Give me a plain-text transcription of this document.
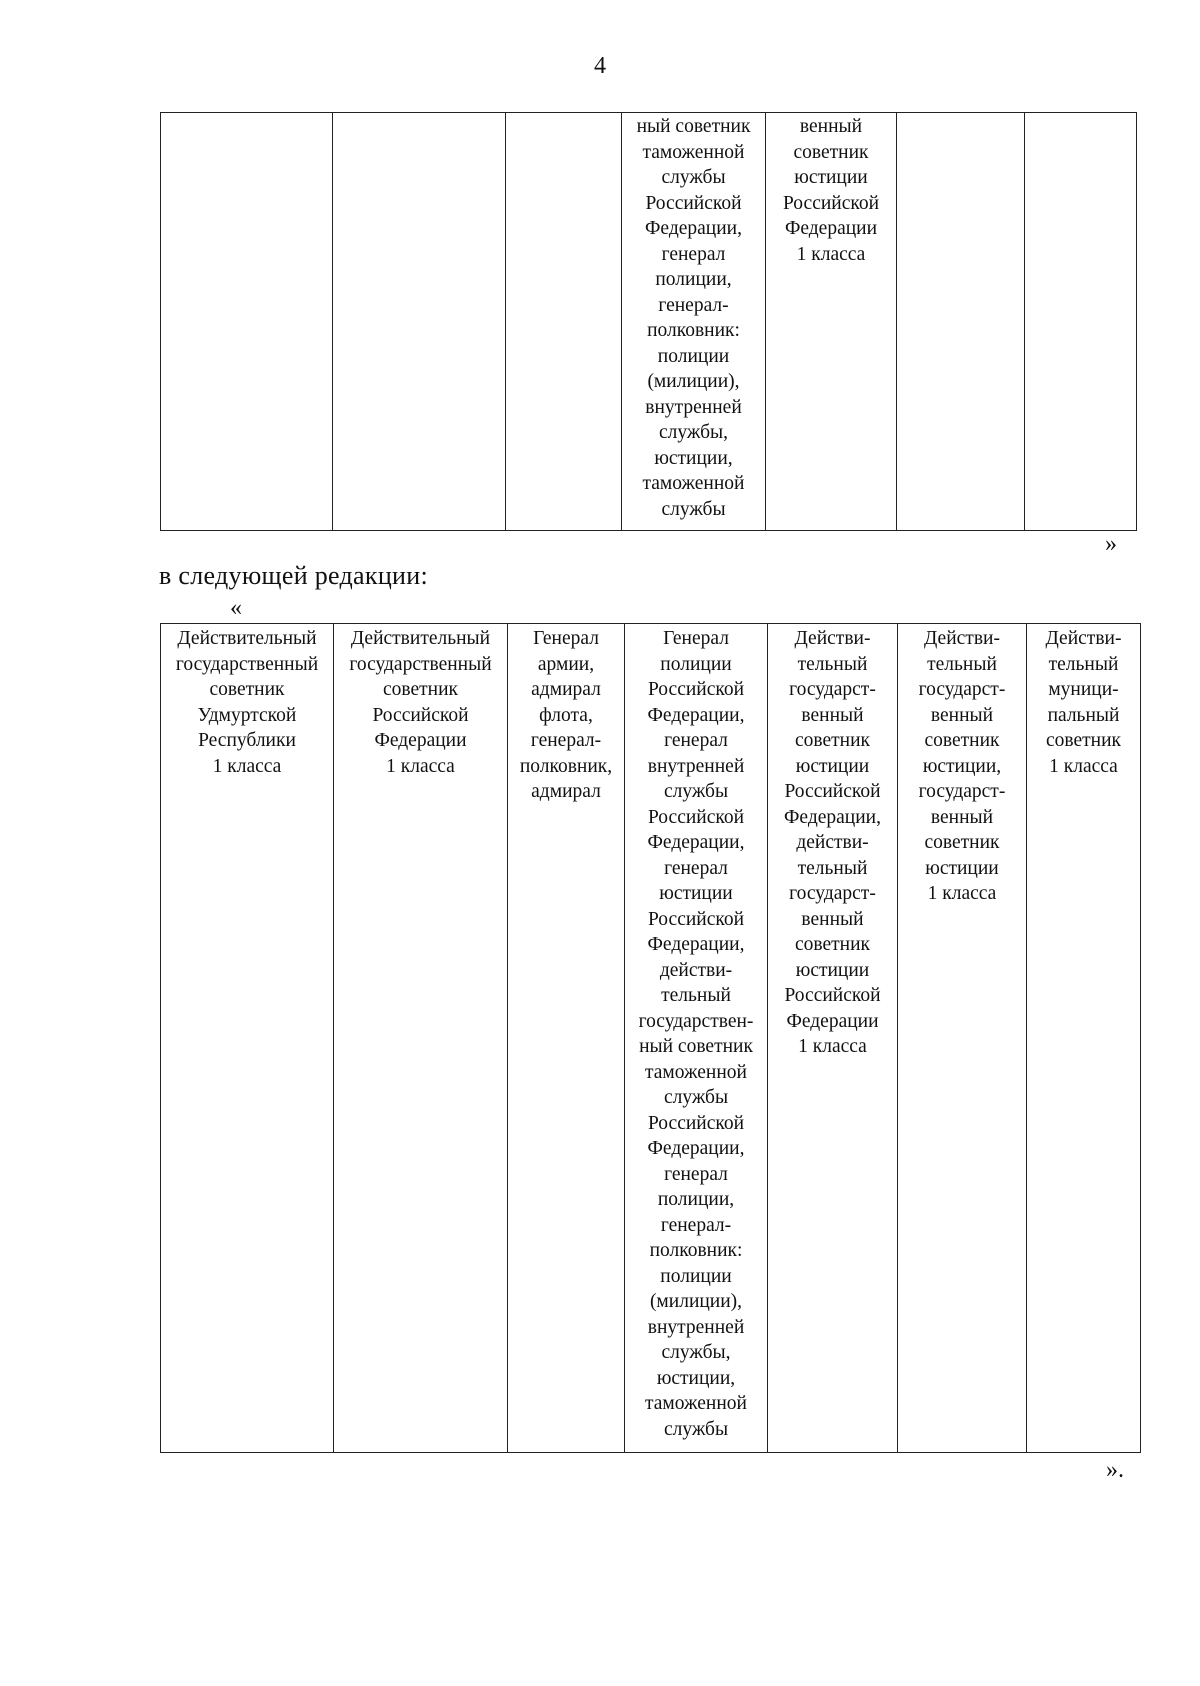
4
			ный советник
таможенной
службы
Российской
Федерации,
генерал
полиции,
генерал-
полковник:
полиции
(милиции),
внутренней
службы,
юстиции,
таможенной
службы	венный
советник
юстиции
Российской
Федерации
1 класса		
»
в следующей редакции:
«
Действительный
государственный
советник
Удмуртской
Республики
1 класса	Действительный
государственный
советник
Российской
Федерации
1 класса	Генерал
армии,
адмирал
флота,
генерал-
полковник,
адмирал	Генерал
полиции
Российской
Федерации,
генерал
внутренней
службы
Российской
Федерации,
генерал
юстиции
Российской
Федерации,
действи-
тельный
государствен-
ный советник
таможенной
службы
Российской
Федерации,
генерал
полиции,
генерал-
полковник:
полиции
(милиции),
внутренней
службы,
юстиции,
таможенной
службы	Действи-
тельный
государст-
венный
советник
юстиции
Российской
Федерации,
действи-
тельный
государст-
венный
советник
юстиции
Российской
Федерации
1 класса	Действи-
тельный
государст-
венный
советник
юстиции,
государст-
венный
советник
юстиции
1 класса	Действи-
тельный
муници-
пальный
советник
1 класса
».
